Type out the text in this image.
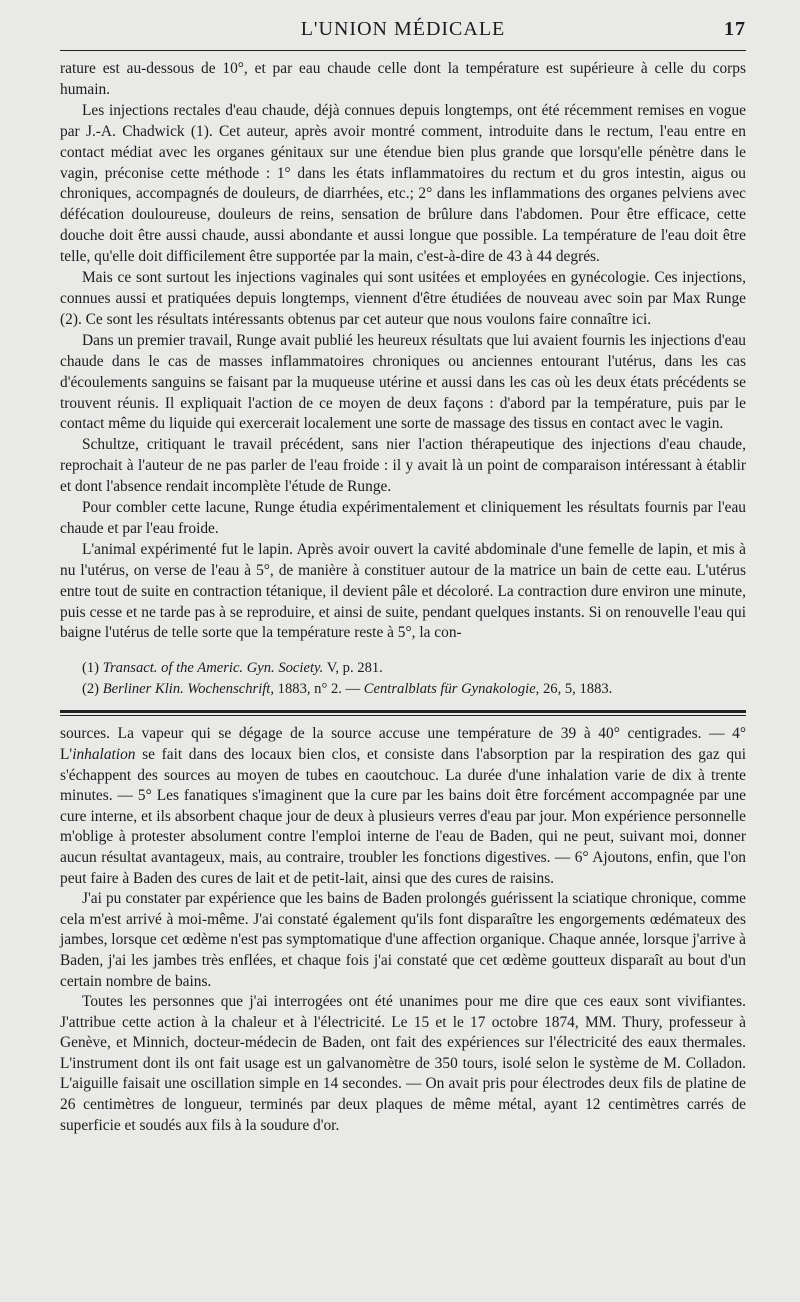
L'UNION MÉDICALE	17

rature est au-dessous de 10°, et par eau chaude celle dont la température est supérieure à celle du corps humain.

Les injections rectales d'eau chaude, déjà connues depuis longtemps, ont été récemment remises en vogue par J.-A. Chadwick (1). Cet auteur, après avoir montré comment, introduite dans le rectum, l'eau entre en contact médiat avec les organes génitaux sur une étendue bien plus grande que lorsqu'elle pénètre dans le vagin, préconise cette méthode : 1° dans les états inflammatoires du rectum et du gros intestin, aigus ou chroniques, accompagnés de douleurs, de diarrhées, etc.; 2° dans les inflammations des organes pelviens avec défécation douloureuse, douleurs de reins, sensation de brûlure dans l'abdomen. Pour être efficace, cette douche doit être aussi chaude, aussi abondante et aussi longue que possible. La température de l'eau doit être telle, qu'elle doit difficilement être supportée par la main, c'est-à-dire de 43 à 44 degrés.

Mais ce sont surtout les injections vaginales qui sont usitées et employées en gynécologie. Ces injections, connues aussi et pratiquées depuis longtemps, viennent d'être étudiées de nouveau avec soin par Max Runge (2). Ce sont les résultats intéressants obtenus par cet auteur que nous voulons faire connaître ici.

Dans un premier travail, Runge avait publié les heureux résultats que lui avaient fournis les injections d'eau chaude dans le cas de masses inflammatoires chroniques ou anciennes entourant l'utérus, dans les cas d'écoulements sanguins se faisant par la muqueuse utérine et aussi dans les cas où les deux états précédents se trouvent réunis. Il expliquait l'action de ce moyen de deux façons : d'abord par la température, puis par le contact même du liquide qui exercerait localement une sorte de massage des tissus en contact avec le vagin.

Schultze, critiquant le travail précédent, sans nier l'action thérapeutique des injections d'eau chaude, reprochait à l'auteur de ne pas parler de l'eau froide : il y avait là un point de comparaison intéressant à établir et dont l'absence rendait incomplète l'étude de Runge.

Pour combler cette lacune, Runge étudia expérimentalement et cliniquement les résultats fournis par l'eau chaude et par l'eau froide.

L'animal expérimenté fut le lapin. Après avoir ouvert la cavité abdominale d'une femelle de lapin, et mis à nu l'utérus, on verse de l'eau à 5°, de manière à constituer autour de la matrice un bain de cette eau. L'utérus entre tout de suite en contraction tétanique, il devient pâle et décoloré. La contraction dure environ une minute, puis cesse et ne tarde pas à se reproduire, et ainsi de suite, pendant quelques instants. Si on renouvelle l'eau qui baigne l'utérus de telle sorte que la température reste à 5°, la con-

(1) Transact. of the Americ. Gyn. Society. V, p. 281.

(2) Berliner Klin. Wochenschrift, 1883, n° 2. — Centralblats für Gynakologie, 26, 5, 1883.

sources. La vapeur qui se dégage de la source accuse une température de 39 à 40° centigrades. — 4° L'inhalation se fait dans des locaux bien clos, et consiste dans l'absorption par la respiration des gaz qui s'échappent des sources au moyen de tubes en caoutchouc. La durée d'une inhalation varie de dix à trente minutes. — 5° Les fanatiques s'imaginent que la cure par les bains doit être forcément accompagnée par une cure interne, et ils absorbent chaque jour de deux à plusieurs verres d'eau par jour. Mon expérience personnelle m'oblige à protester absolument contre l'emploi interne de l'eau de Baden, qui ne peut, suivant moi, donner aucun résultat avantageux, mais, au contraire, troubler les fonctions digestives. — 6° Ajoutons, enfin, que l'on peut faire à Baden des cures de lait et de petit-lait, ainsi que des cures de raisins.

J'ai pu constater par expérience que les bains de Baden prolongés guérissent la sciatique chronique, comme cela m'est arrivé à moi-même. J'ai constaté également qu'ils font disparaître les engorgements œdémateux des jambes, lorsque cet œdème n'est pas symptomatique d'une affection organique. Chaque année, lorsque j'arrive à Baden, j'ai les jambes très enflées, et chaque fois j'ai constaté que cet œdème goutteux disparaît au bout d'un certain nombre de bains.

Toutes les personnes que j'ai interrogées ont été unanimes pour me dire que ces eaux sont vivifiantes. J'attribue cette action à la chaleur et à l'électricité. Le 15 et le 17 octobre 1874, MM. Thury, professeur à Genève, et Minnich, docteur-médecin de Baden, ont fait des expériences sur l'électricité des eaux thermales. L'instrument dont ils ont fait usage est un galvanomètre de 350 tours, isolé selon le système de M. Colladon. L'aiguille faisait une oscillation simple en 14 secondes. — On avait pris pour électrodes deux fils de platine de 26 centimètres de longueur, terminés par deux plaques de même métal, ayant 12 centimètres carrés de superficie et soudés aux fils à la soudure d'or.
